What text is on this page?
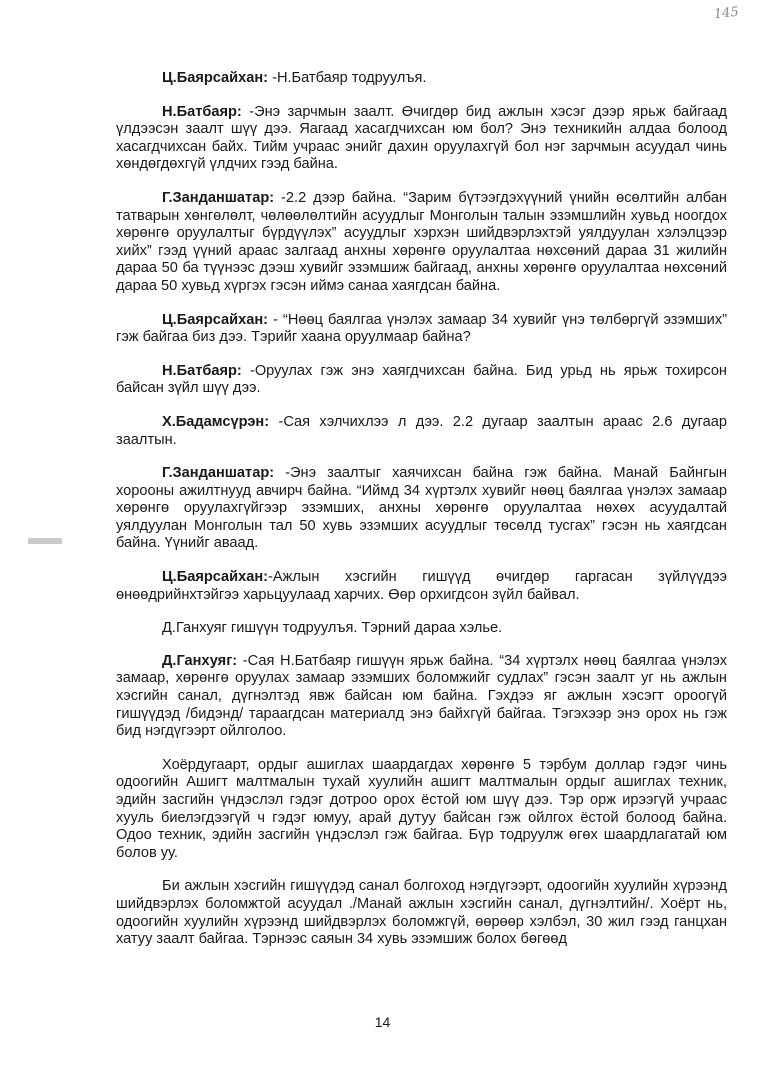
145

Ц.Баярсайхан: -Н.Батбаяр тодруулъя.

Н.Батбаяр: -Энэ зарчмын заалт. Өчигдөр бид ажлын хэсэг дээр ярьж байгаад үлдээсэн заалт шүү дээ. Яагаад хасагдчихсан юм бол? Энэ техникийн алдаа болоод хасагдчихсан байх. Тийм учраас энийг дахин оруулахгүй бол нэг зарчмын асуудал чинь хөндөгдөхгүй үлдчих гээд байна.

Г.Занданшатар: -2.2 дээр байна. “Зарим бүтээгдэхүүний үнийн өсөлтийн албан татварын хөнгөлөлт, чөлөөлөлтийн асуудлыг Монголын талын эзэмшлийн хувьд ноогдох хөрөнгө оруулалтыг бүрдүүлэх” асуудлыг хэрхэн шийдвэрлэхтэй уялдуулан хэлэлцээр хийх” гээд үүний араас залгаад анхны хөрөнгө оруулалтаа нөхсөний дараа 31 жилийн дараа 50 ба түүнээс дээш хувийг эзэмшиж байгаад, анхны хөрөнгө оруулалтаа нөхсөний дараа 50 хувьд хүргэх гэсэн иймэ санаа хаягдсан байна.

Ц.Баярсайхан: - “Нөөц баялгаа үнэлэх замаар 34 хувийг үнэ төлбөргүй эзэмших” гэж байгаа биз дээ. Тэрийг хаана оруулмаар байна?

Н.Батбаяр: -Оруулах гэж энэ хаягдчихсан байна. Бид урьд нь ярьж тохирсон байсан зүйл шүү дээ.

Х.Бадамсүрэн: -Сая хэлчихлээ л дээ. 2.2 дугаар заалтын араас 2.6 дугаар заалтын.

Г.Занданшатар: -Энэ заалтыг хаячихсан байна гэж байна. Манай Байнгын хорооны ажилтнууд авчирч байна. “Иймд 34 хүртэлх хувийг нөөц баялгаа үнэлэх замаар хөрөнгө оруулахгүйгээр эзэмших, анхны хөрөнгө оруулалтаа нөхөх асуудалтай уялдуулан Монголын тал 50 хувь эзэмших асуудлыг төсөлд тусгах” гэсэн нь хаягдсан байна. Үүнийг аваад.

Ц.Баярсайхан:-Ажлын хэсгийн гишүүд өчигдөр гаргасан зүйлүүдээ өнөөдрийнхтэйгээ харьцуулаад харчих. Өөр орхигдсон зүйл байвал.

Д.Ганхуяг гишүүн тодруулъя. Тэрний дараа хэлье.

Д.Ганхуяг: -Сая Н.Батбаяр гишүүн ярьж байна. “34 хүртэлх нөөц баялгаа үнэлэх замаар, хөрөнгө оруулах замаар эзэмших боломжийг судлах” гэсэн заалт уг нь ажлын хэсгийн санал, дүгнэлтэд явж байсан юм байна. Гэхдээ яг ажлын хэсэгт ороогүй гишүүдэд /бидэнд/ тараагдсан материалд энэ байхгүй байгаа. Тэгэхээр энэ орох нь гэж бид нэгдүгээрт ойлголоо.

Хоёрдугаарт, ордыг ашиглах шаардагдах хөрөнгө 5 тэрбум доллар гэдэг чинь одоогийн Ашигт малтмалын тухай хуулийн ашигт малтмалын ордыг ашиглах техник, эдийн засгийн үндэслэл гэдэг дотроо орох ёстой юм шүү дээ. Тэр орж ирээгүй учраас хууль биелэгдээгүй ч гэдэг юмуу, арай дутуу байсан гэж ойлгох ёстой болоод байна. Одоо техник, эдийн засгийн үндэслэл гэж байгаа. Бүр тодруулж өгөх шаардлагатай юм болов уу.

Би ажлын хэсгийн гишүүдэд санал болгоход нэгдүгээрт, одоогийн хуулийн хүрээнд шийдвэрлэх боломжтой асуудал ./Манай ажлын хэсгийн санал, дүгнэлтийн/. Хоёрт нь, одоогийн хуулийн хүрээнд шийдвэрлэх боломжгүй, өөрөөр хэлбэл, 30 жил гээд ганцхан хатуу заалт байгаа. Тэрнээс саяын 34 хувь эзэмшиж болох бөгөөд

14
